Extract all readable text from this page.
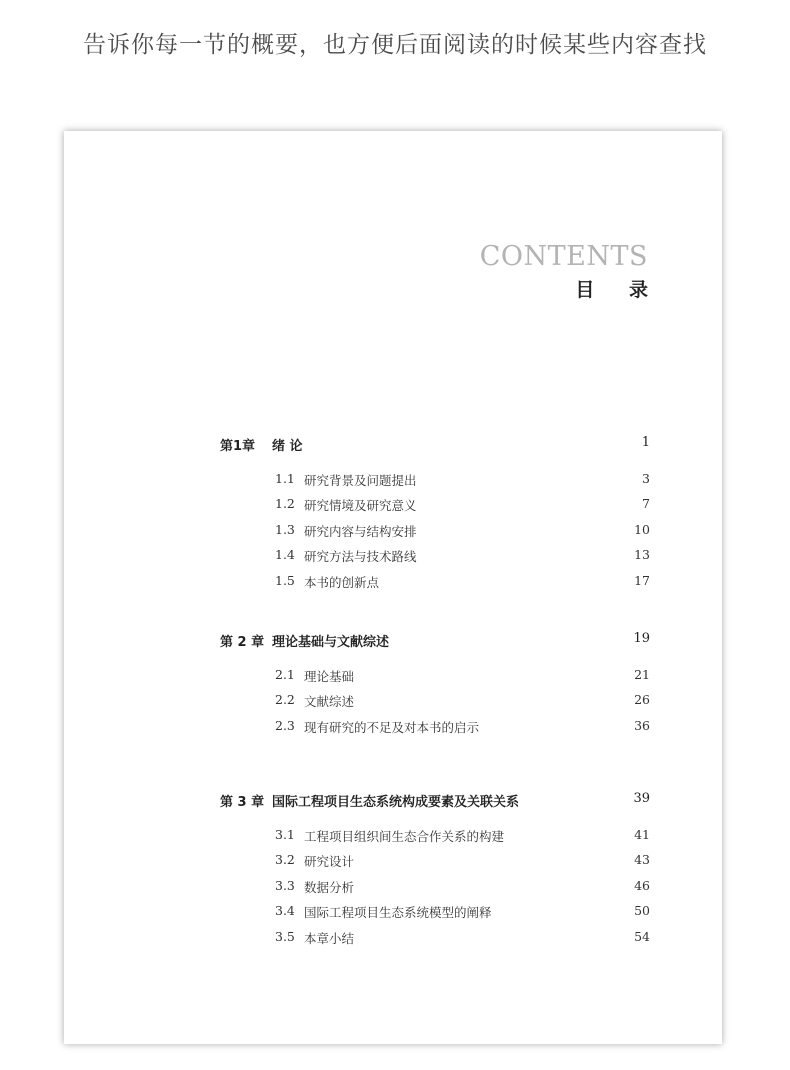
告诉你每一节的概要，也方便后面阅读的时候某些内容查找
CONTENTS
目 录
第1章 绪 论	1
1.1 研究背景及问题提出	3
1.2 研究情境及研究意义	7
1.3 研究内容与结构安排	10
1.4 研究方法与技术路线	13
1.5 本书的创新点	17
第 2 章 理论基础与文献综述	19
2.1 理论基础	21
2.2 文献综述	26
2.3 现有研究的不足及对本书的启示	36
第 3 章 国际工程项目生态系统构成要素及关联关系	39
3.1 工程项目组织间生态合作关系的构建	41
3.2 研究设计	43
3.3 数据分析	46
3.4 国际工程项目生态系统模型的阐释	50
3.5 本章小结	54
